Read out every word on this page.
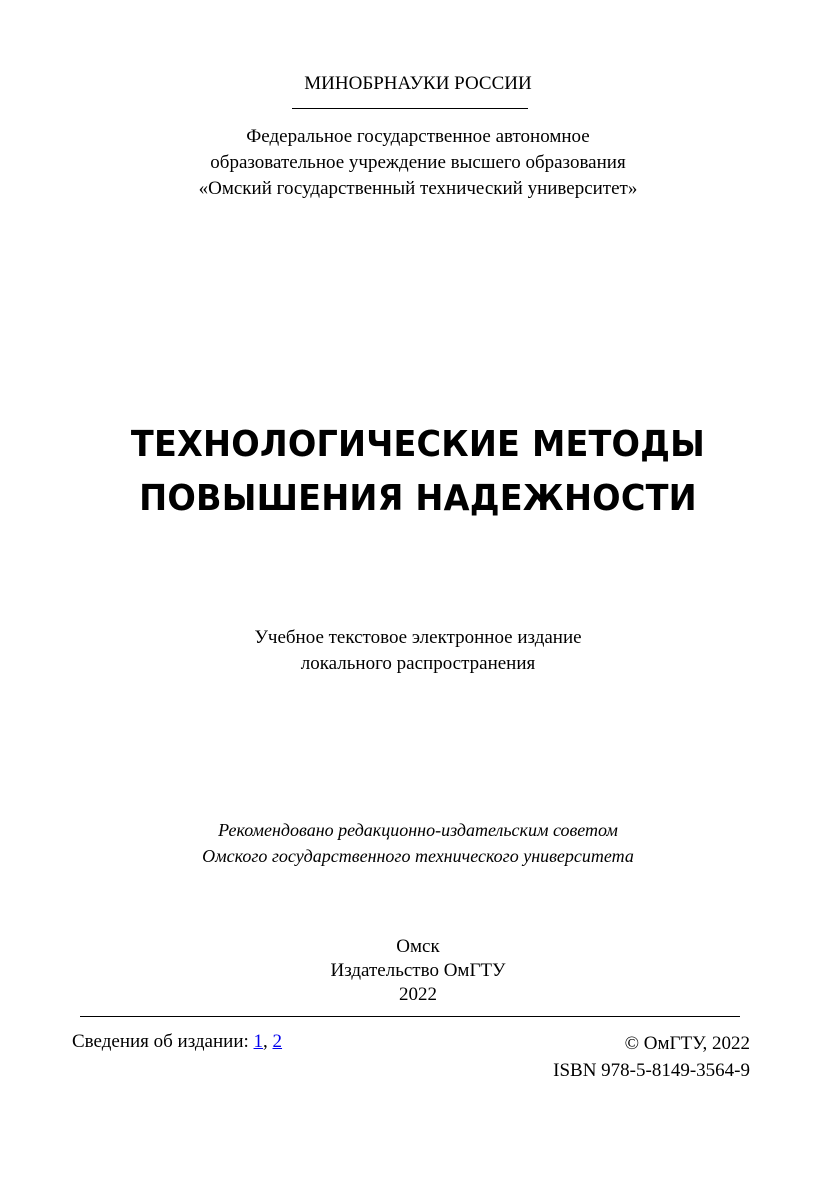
МИНОБРНАУКИ РОССИИ
Федеральное государственное автономное
образовательное учреждение высшего образования
«Омский государственный технический университет»
ТЕХНОЛОГИЧЕСКИЕ МЕТОДЫ
ПОВЫШЕНИЯ НАДЕЖНОСТИ
Учебное текстовое электронное издание
локального распространения
Рекомендовано редакционно-издательским советом
Омского государственного технического университета
Омск
Издательство ОмГТУ
2022
Сведения об издании: 1, 2	© ОмГТУ, 2022
ISBN 978-5-8149-3564-9
